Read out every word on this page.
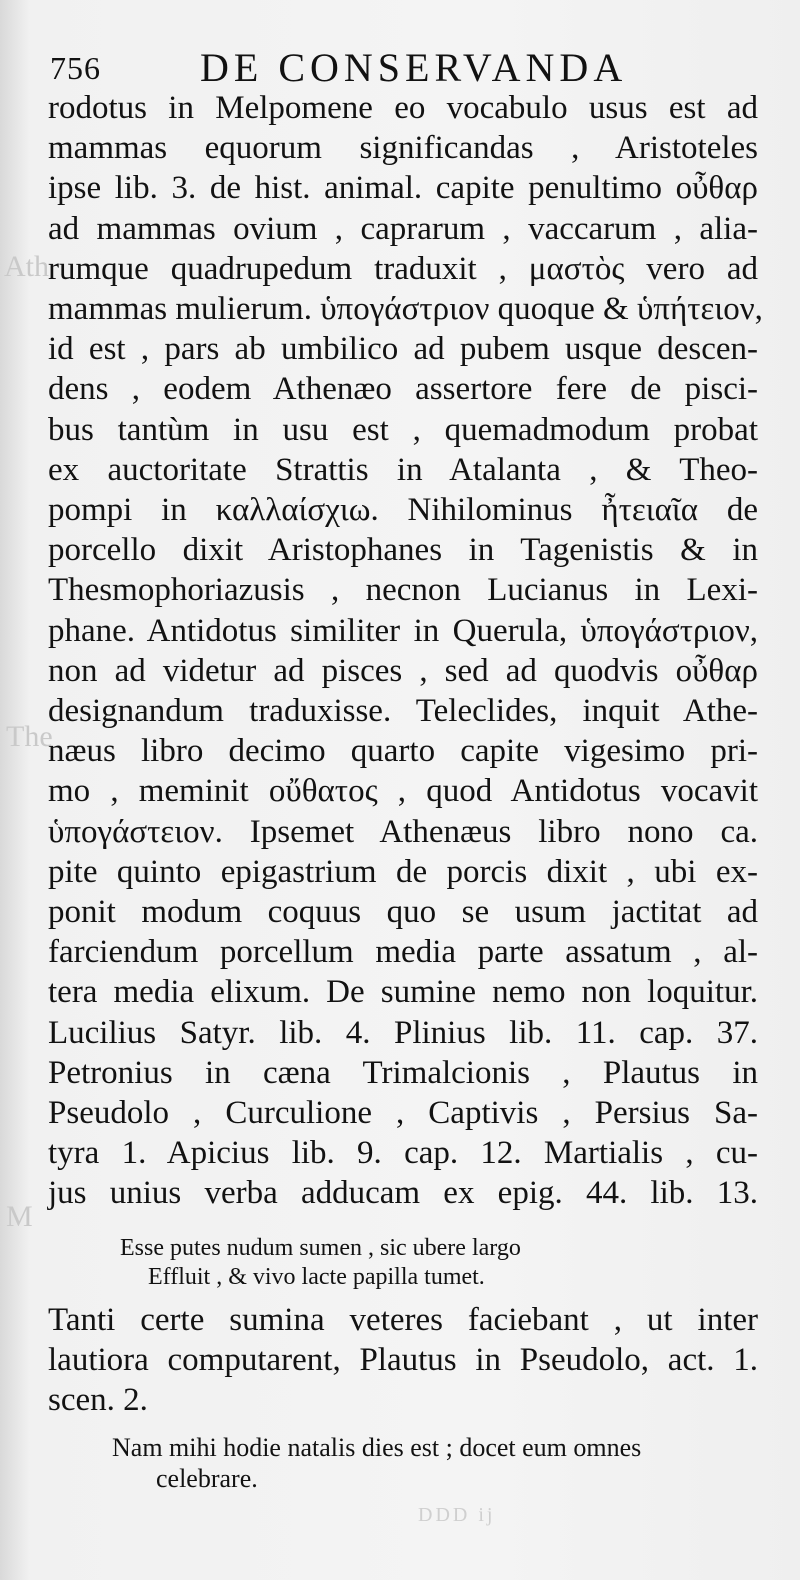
Ath
The
M
756 DE CONSERVANDA
rodotus in Melpomene eo vocabulo usus est ad
mammas equorum significandas , Aristoteles
ipse lib. 3. de hist. animal. capite penultimo οὖθαρ
ad mammas ovium , caprarum , vaccarum , alia-
rumque quadrupedum traduxit , μαστὸς vero ad
mammas mulierum. ὑπογάστριον quoque & ὑπήτειον,
id est , pars ab umbilico ad pubem usque descen-
dens , eodem Athenæo assertore fere de pisci-
bus tantùm in usu est , quemadmodum probat
ex auctoritate Strattis in Atalanta , & Theo-
pompi in καλλαίσχιω. Nihilominus ἦτειαῖα de
porcello dixit Aristophanes in Tagenistis & in
Thesmophoriazusis , necnon Lucianus in Lexi-
phane. Antidotus similiter in Querula, ὑπογάστριον,
non ad videtur ad pisces , sed ad quodvis οὖθαρ
designandum traduxisse. Teleclides, inquit Athe-
næus libro decimo quarto capite vigesimo pri-
mo , meminit οὔθατος , quod Antidotus vocavit
ὑπογάστειον. Ipsemet Athenæus libro nono ca.
pite quinto epigastrium de porcis dixit , ubi ex-
ponit modum coquus quo se usum jactitat ad
farciendum porcellum media parte assatum , al-
tera media elixum. De sumine nemo non loquitur.
Lucilius Satyr. lib. 4. Plinius lib. 11. cap. 37.
Petronius in cæna Trimalcionis , Plautus in
Pseudolo , Curculione , Captivis , Persius Sa-
tyra 1. Apicius lib. 9. cap. 12. Martialis , cu-
jus unius verba adducam ex epig. 44. lib. 13.
Esse putes nudum sumen , sic ubere largo
Effluit , & vivo lacte papilla tumet.
Tanti certe sumina veteres faciebant , ut inter
lautiora computarent, Plautus in Pseudolo, act. 1.
scen. 2.
Nam mihi hodie natalis dies est ; docet eum omnes
celebrare.
DDD ij
